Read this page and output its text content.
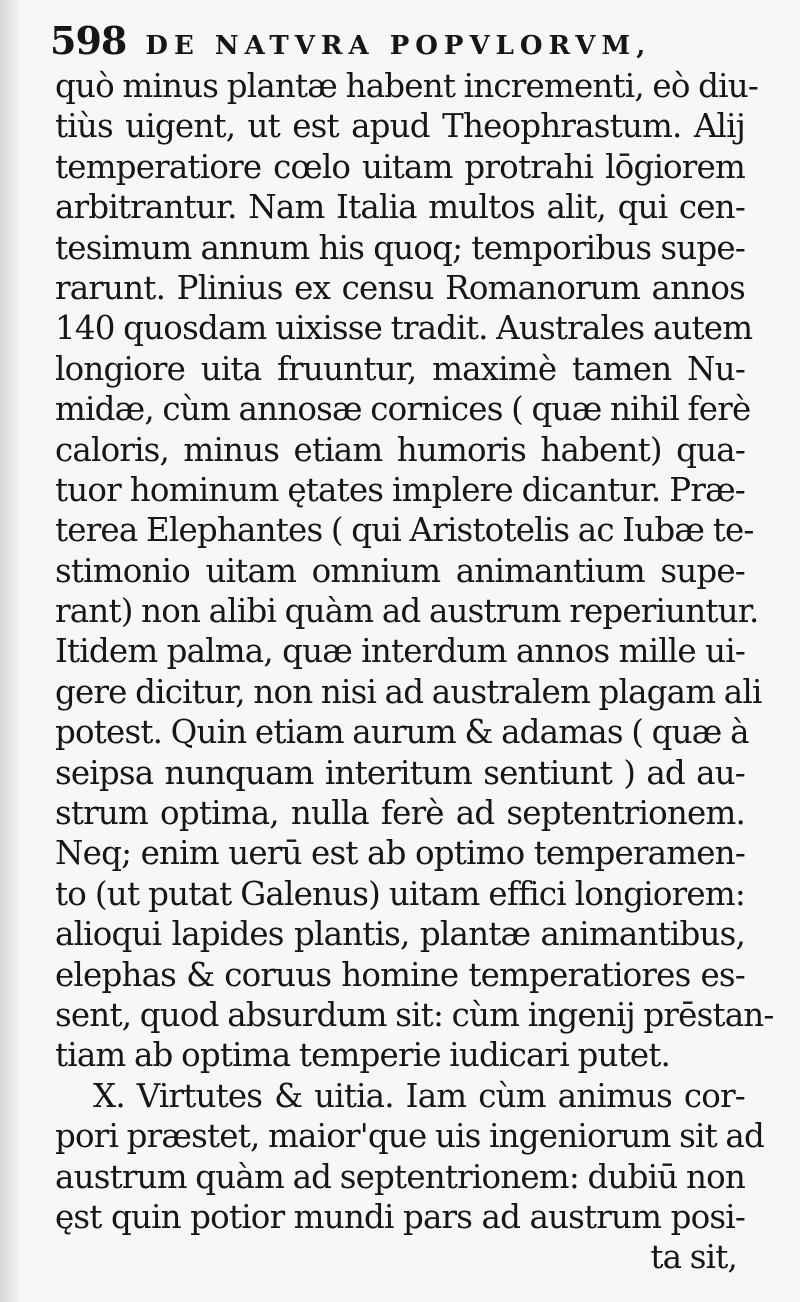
598 DE NATVRA POPVLORVM,
quò minus plantæ habent incrementi, eò diu-
tiùs uigent, ut est apud Theophrastum. Alij
temperatiore cœlo uitam protrahi lōgiorem
arbitrantur. Nam Italia multos alit, qui cen-
tesimum annum his quoq; temporibus supe-
rarunt. Plinius ex censu Romanorum annos
140 quosdam uixisse tradit. Australes autem
longiore uita fruuntur, maximè tamen Nu-
midæ, cùm annosæ cornices ( quæ nihil ferè
caloris, minus etiam humoris habent) qua-
tuor hominum ętates implere dicantur. Præ-
terea Elephantes ( qui Aristotelis ac Iubæ te-
stimonio uitam omnium animantium supe-
rant) non alibi quàm ad austrum reperiuntur.
Itidem palma, quæ interdum annos mille ui-
gere dicitur, non nisi ad australem plagam ali
potest. Quin etiam aurum & adamas ( quæ à
seipsa nunquam interitum sentiunt ) ad au-
strum optima, nulla ferè ad septentrionem.
Neq; enim uerū est ab optimo temperamen-
to (ut putat Galenus) uitam effici longiorem:
alioqui lapides plantis, plantæ animantibus,
elephas & coruus homine temperatiores es-
sent, quod absurdum sit: cùm ingenij prēstan-
tiam ab optima temperie iudicari putet.
X. Virtutes & uitia. Iam cùm animus cor-
pori præstet, maior'que uis ingeniorum sit ad
austrum quàm ad septentrionem: dubiū non
ęst quin potior mundi pars ad austrum posi-
ta sit,
